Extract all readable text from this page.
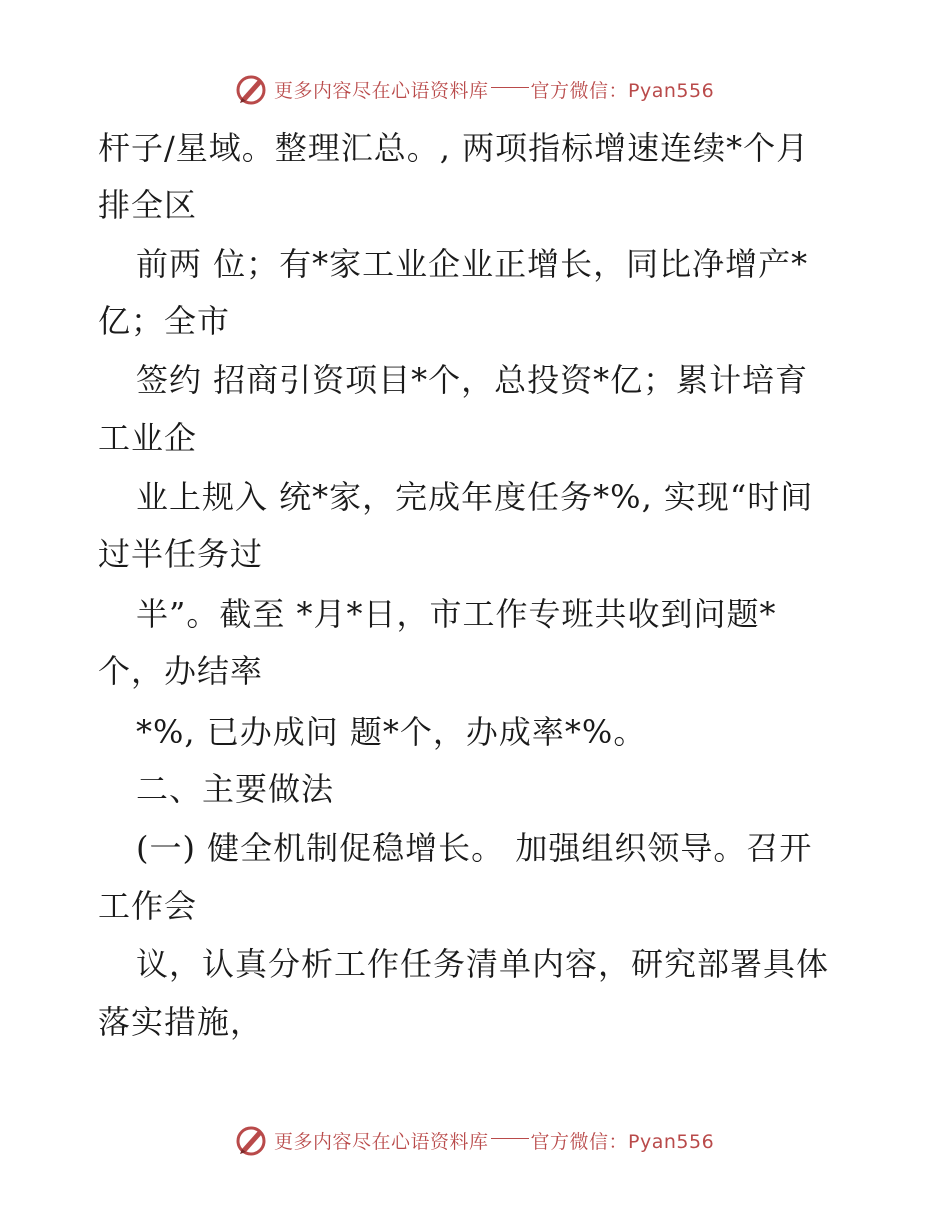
更多内容尽在心语资料库 官方微信：Pyan556
杆子/星域。整理汇总。, 两项指标增速连续*个月
排全区
前两 位；有*家工业企业正增长，同比净增产*
亿；全市
签约 招商引资项目*个，总投资*亿；累计培育
工业企
业上规入 统*家，完成年度任务*%, 实现“时间
过半任务过
半”。截至 *月*日，市工作专班共收到问题*
个，办结率
*%, 已办成问 题*个，办成率*%。
二、主要做法
(一) 健全机制促稳增长。 加强组织领导。召开
工作会
议，认真分析工作任务清单内容，研究部署具体
落实措施，
更多内容尽在心语资料库 官方微信：Pyan556
